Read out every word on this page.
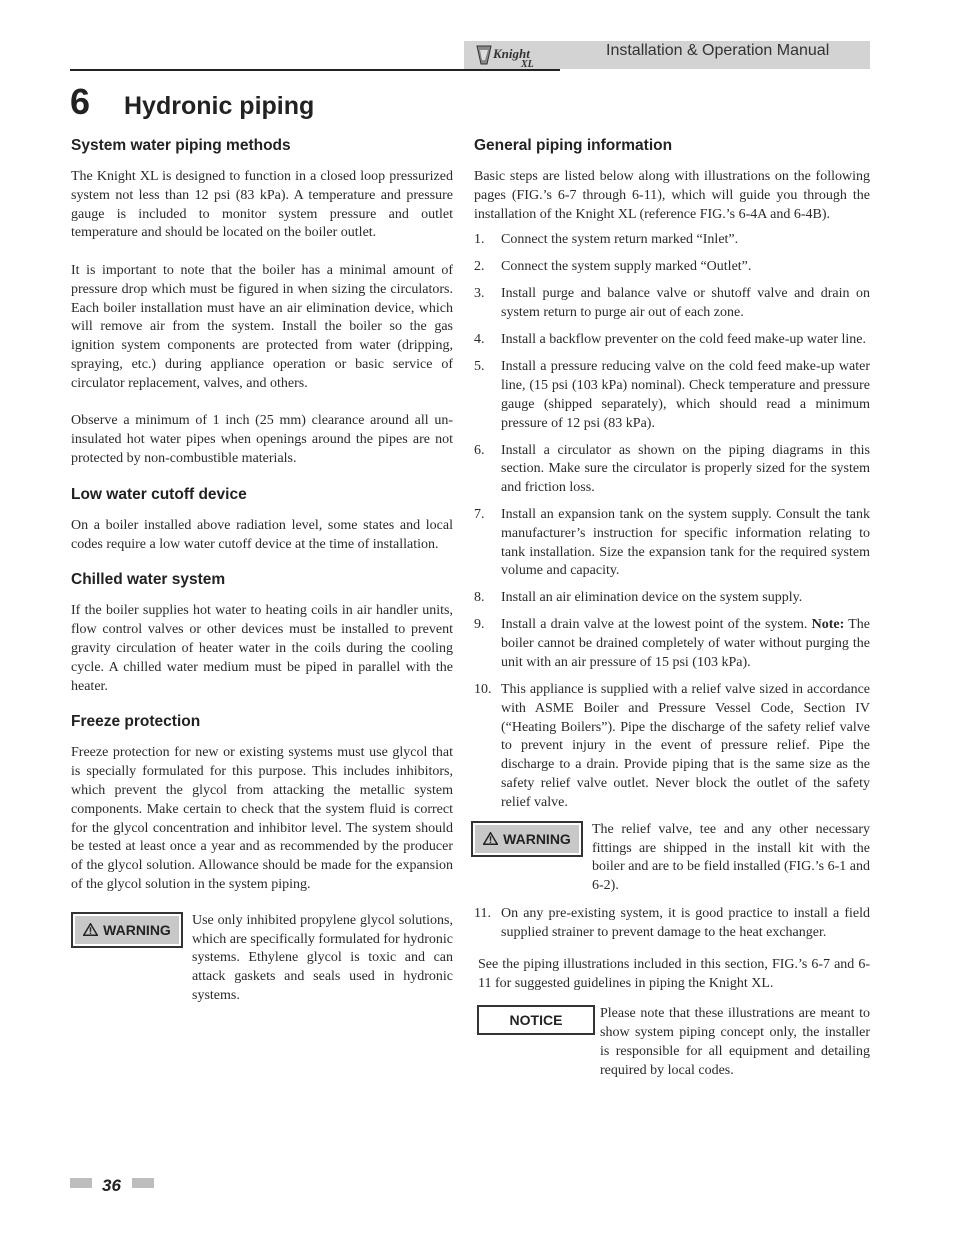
Knight
XL
Installation & Operation Manual
6 Hydronic piping
System water piping methods

The Knight XL is designed to function in a closed loop pressurized system not less than 12 psi (83 kPa). A temperature and pressure gauge is included to monitor system pressure and outlet temperature and should be located on the boiler outlet.

It is important to note that the boiler has a minimal amount of pressure drop which must be figured in when sizing the circulators. Each boiler installation must have an air elimination device, which will remove air from the system. Install the boiler so the gas ignition system components are protected from water (dripping, spraying, etc.) during appliance operation or basic service of circulator replacement, valves, and others.

Observe a minimum of 1 inch (25 mm) clearance around all un-insulated hot water pipes when openings around the pipes are not protected by non-combustible materials.

Low water cutoff device

On a boiler installed above radiation level, some states and local codes require a low water cutoff device at the time of installation.

Chilled water system

If the boiler supplies hot water to heating coils in air handler units, flow control valves or other devices must be installed to prevent gravity circulation of heater water in the coils during the cooling cycle. A chilled water medium must be piped in parallel with the heater.

Freeze protection

Freeze protection for new or existing systems must use glycol that is specially formulated for this purpose. This includes inhibitors, which prevent the glycol from attacking the metallic system components. Make certain to check that the system fluid is correct for the glycol concentration and inhibitor level. The system should be tested at least once a year and as recommended by the producer of the glycol solution. Allowance should be made for the expansion of the glycol solution in the system piping.

WARNING

Use only inhibited propylene glycol solutions, which are specifically formulated for hydronic systems. Ethylene glycol is toxic and can attack gaskets and seals used in hydronic systems.

General piping information

Basic steps are listed below along with illustrations on the following pages (FIG.’s 6-7 through 6-11), which will guide you through the installation of the Knight XL (reference FIG.’s 6-4A and 6-4B).

1. Connect the system return marked “Inlet”.
2. Connect the system supply marked “Outlet”.
3. Install purge and balance valve or shutoff valve and drain on system return to purge air out of each zone.
4. Install a backflow preventer on the cold feed make-up water line.
5. Install a pressure reducing valve on the cold feed make-up water line, (15 psi (103 kPa) nominal). Check temperature and pressure gauge (shipped separately), which should read a minimum pressure of 12 psi (83 kPa).
6. Install a circulator as shown on the piping diagrams in this section. Make sure the circulator is properly sized for the system and friction loss.
7. Install an expansion tank on the system supply. Consult the tank manufacturer’s instruction for specific information relating to tank installation. Size the expansion tank for the required system volume and capacity.
8. Install an air elimination device on the system supply.
9. Install a drain valve at the lowest point of the system. Note: The boiler cannot be drained completely of water without purging the unit with an air pressure of 15 psi (103 kPa).
10. This appliance is supplied with a relief valve sized in accordance with ASME Boiler and Pressure Vessel Code, Section IV (“Heating Boilers”). Pipe the discharge of the safety relief valve to prevent injury in the event of pressure relief. Pipe the discharge to a drain. Provide piping that is the same size as the safety relief valve outlet. Never block the outlet of the safety relief valve.
WARNING

The relief valve, tee and any other necessary fittings are shipped in the install kit with the boiler and are to be field installed (FIG.’s 6-1 and 6-2).

11. On any pre-existing system, it is good practice to install a field supplied strainer to prevent damage to the heat exchanger.

See the piping illustrations included in this section, FIG.’s 6-7 and 6-11 for suggested guidelines in piping the Knight XL.

NOTICE	Please note that these illustrations are meant to show system piping concept only, the installer is responsible for all equipment and detailing required by local codes.

36
